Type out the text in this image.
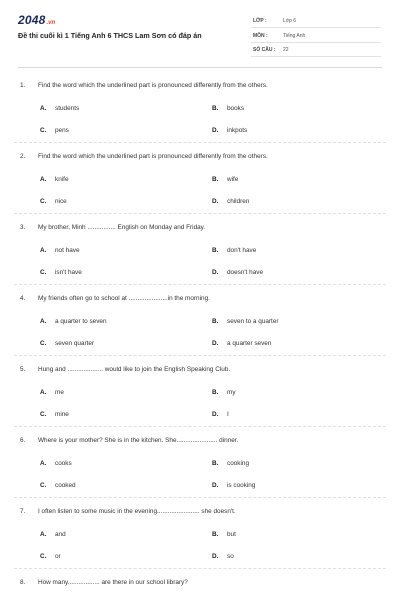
2048.vn
Đề thi cuối kì 1 Tiếng Anh 6 THCS Lam Sơn có đáp án
LỚP :	Lớp 6
MÔN :	Tiếng Anh
SỐ CÂU : 22
1. Find the word which the underlined part is pronounced differently from the others.
A. students	B. books
C. pens	D. inkpots
2. Find the word which the underlined part is pronounced differently from the others.
A. knife	B. wife
C. nice	D. children
3. My brother, Minh ................ English on Monday and Friday.
A. not have	B. don't have
C. isn't have	D. doesn't have
4. My friends often go to school at ......................in the morning.
A. a quarter to seven	B. seven to a quarter
C. seven quarter	D. a quarter seven
5. Hung and .................... would like to join the English Speaking Club.
A. me	B. my
C. mine	D. I
6. Where is your mother? She is in the kitchen. She....................... dinner.
A. cooks	B. cooking
C. cooked	D. is cooking
7. I often listen to some music in the evening........................ she doesn't.
A. and	B. but
C. or	D. so
8. How many.................. are there in our school library?
